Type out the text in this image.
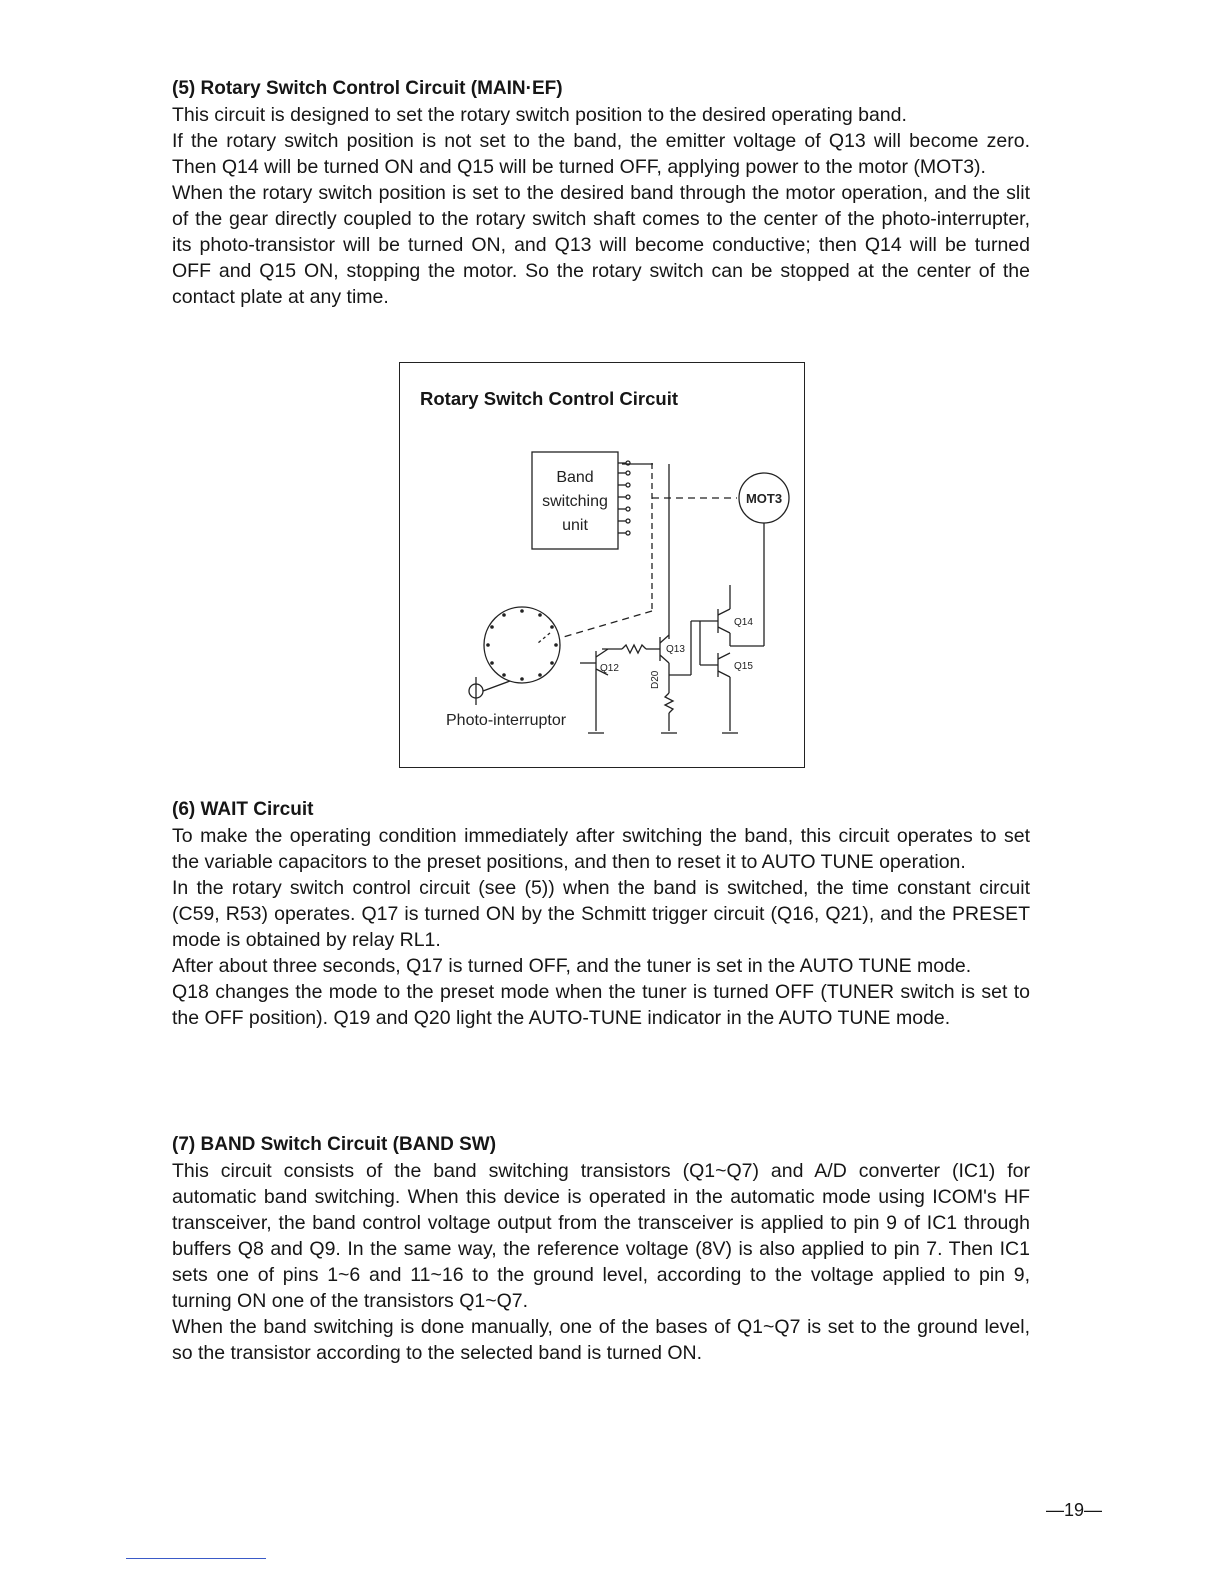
(5) Rotary Switch Control Circuit (MAIN·EF)

This circuit is designed to set the rotary switch position to the desired operating band.

If the rotary switch position is not set to the band, the emitter voltage of Q13 will become zero. Then Q14 will be turned ON and Q15 will be turned OFF, applying power to the motor (MOT3).

When the rotary switch position is set to the desired band through the motor operation, and the slit of the gear directly coupled to the rotary switch shaft comes to the center of the photo-interrupter, its photo-transistor will be turned ON, and Q13 will become conductive; then Q14 will be turned OFF and Q15 ON, stopping the motor. So the rotary switch can be stopped at the center of the contact plate at any time.

Rotary Switch Control Circuit
Band
switching
unit
MOT3
Q12
Q13
Q14
Q15
D20
Photo-interruptor

(6) WAIT Circuit

To make the operating condition immediately after switching the band, this circuit operates to set the variable capacitors to the preset positions, and then to reset it to AUTO TUNE operation.

In the rotary switch control circuit (see (5)) when the band is switched, the time constant circuit (C59, R53) operates. Q17 is turned ON by the Schmitt trigger circuit (Q16, Q21), and the PRESET mode is obtained by relay RL1.

After about three seconds, Q17 is turned OFF, and the tuner is set in the AUTO TUNE mode.

Q18 changes the mode to the preset mode when the tuner is turned OFF (TUNER switch is set to the OFF position). Q19 and Q20 light the AUTO-TUNE indicator in the AUTO TUNE mode.

(7) BAND Switch Circuit (BAND SW)

This circuit consists of the band switching transistors (Q1~Q7) and A/D converter (IC1) for automatic band switching. When this device is operated in the automatic mode using ICOM's HF transceiver, the band control voltage output from the transceiver is applied to pin 9 of IC1 through buffers Q8 and Q9. In the same way, the reference voltage (8V) is also applied to pin 7. Then IC1 sets one of pins 1~6 and 11~16 to the ground level, according to the voltage applied to pin 9, turning ON one of the transistors Q1~Q7.

When the band switching is done manually, one of the bases of Q1~Q7 is set to the ground level, so the transistor according to the selected band is turned ON.

—19—
